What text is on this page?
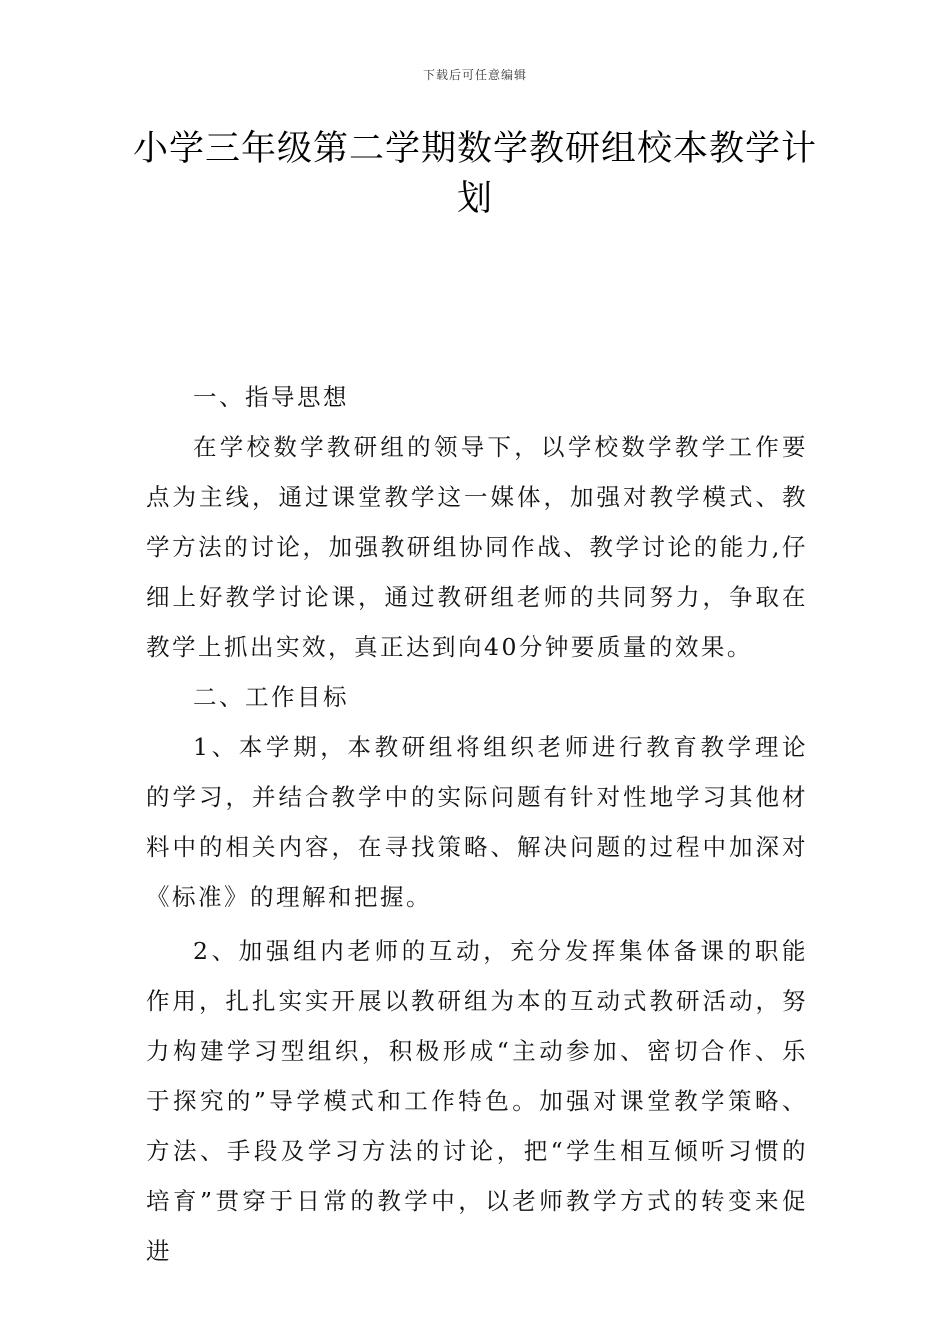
下载后可任意编辑
小学三年级第二学期数学教研组校本教学计划

一、指导思想

在学校数学教研组的领导下，以学校数学教学工作要点为主线，通过课堂教学这一媒体，加强对教学模式、教学方法的讨论，加强教研组协同作战、教学讨论的能力,仔细上好教学讨论课，通过教研组老师的共同努力，争取在教学上抓出实效，真正达到向40分钟要质量的效果。

二、工作目标

1、本学期，本教研组将组织老师进行教育教学理论的学习，并结合教学中的实际问题有针对性地学习其他材料中的相关内容，在寻找策略、解决问题的过程中加深对《标准》的理解和把握。

2、加强组内老师的互动，充分发挥集体备课的职能作用，扎扎实实开展以教研组为本的互动式教研活动，努力构建学习型组织，积极形成“主动参加、密切合作、乐于探究的”导学模式和工作特色。加强对课堂教学策略、方法、手段及学习方法的讨论，把“学生相互倾听习惯的培育”贯穿于日常的教学中，以老师教学方式的转变来促进
